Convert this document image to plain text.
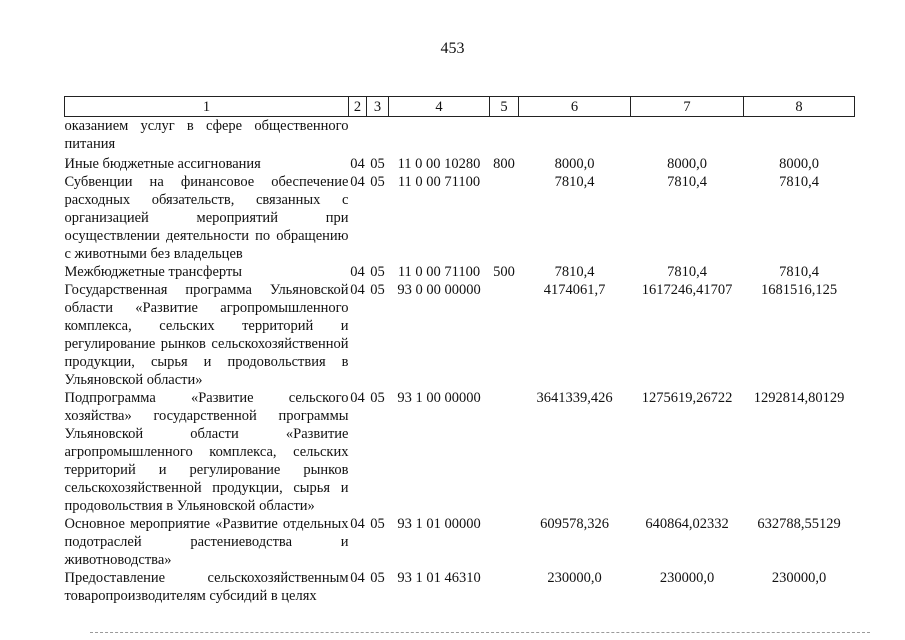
453
1	2	3	4	5	6	7	8
оказанием услуг в сфере общественного питания							
Иные бюджетные ассигнования	04	05	11 0 00 10280	800	8000,0	8000,0	8000,0
Субвенции на финансовое обеспечение расходных обязательств, связанных с организацией мероприятий при осуществлении деятельности по обращению с животными без владельцев	04	05	11 0 00 71100		7810,4	7810,4	7810,4
Межбюджетные трансферты	04	05	11 0 00 71100	500	7810,4	7810,4	7810,4
Государственная программа Ульяновской области «Развитие агропромышленного комплекса, сельских территорий и регулирование рынков сельскохозяйственной продукции, сырья и продовольствия в Ульяновской области»	04	05	93 0 00 00000		4174061,7	1617246,41707	1681516,125
Подпрограмма «Развитие сельского хозяйства» государственной программы Ульяновской области «Развитие агропромышленного комплекса, сельских территорий и регулирование рынков сельскохозяйственной продукции, сырья и продовольствия в Ульяновской области»	04	05	93 1 00 00000		3641339,426	1275619,26722	1292814,80129
Основное мероприятие «Развитие отдельных подотраслей растениеводства и животноводства»	04	05	93 1 01 00000		609578,326	640864,02332	632788,55129
Предоставление сельскохозяйственным товаропроизводителям субсидий в целях	04	05	93 1 01 46310		230000,0	230000,0	230000,0
